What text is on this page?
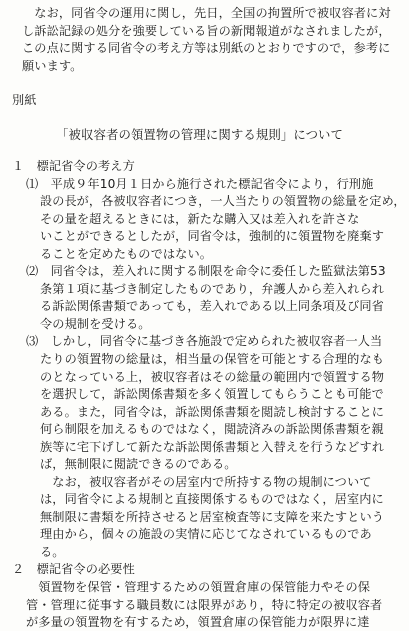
　なお，同省令の運用に関し，先日，全国の拘置所で被収容者に対
し訴訟記録の処分を強要している旨の新聞報道がなされましたが，
この点に関する同省令の考え方等は別紙のとおりですので，参考に
願います。
別紙
「被収容者の領置物の管理に関する規則」について
１　標記省令の考え方
⑴　平成９年10月１日から施行された標記省令により，行刑施
設の長が，各被収容者につき，一人当たりの領置物の総量を定め，
その量を超えるときには，新たな購入又は差入れを許さな
いことができるとしたが，同省令は，強制的に領置物を廃棄す
ることを定めたものではない。
⑵　同省令は，差入れに関する制限を命令に委任した監獄法第53
条第１項に基づき制定したものであり，弁護人から差入れられ
る訴訟関係書類であっても，差入れである以上同条項及び同省
令の規制を受ける。
⑶　しかし，同省令に基づき各施設で定められた被収容者一人当
たりの領置物の総量は，相当量の保管を可能とする合理的なも
のとなっている上，被収容者はその総量の範囲内で領置する物
を選択して，訴訟関係書類を多く領置してもらうことも可能で
ある。また，同省令は，訴訟関係書類を閲読し検討することに
何ら制限を加えるものではなく，閲読済みの訴訟関係書類を親
族等に宅下げして新たな訴訟関係書類と入替えを行うなどすれ
ば，無制限に閲読できるのである。
　なお，被収容者がその居室内で所持する物の規制について
は，同省令による規制と直接関係するものではなく，居室内に
無制限に書類を所持させると居室検査等に支障を来たすという
理由から，個々の施設の実情に応じてなされているものであ
る。
２　標記省令の必要性
　領置物を保管・管理するための領置倉庫の保管能力やその保
管・管理に従事する職員数には限界があり，特に特定の被収容者
が多量の領置物を有するため，領置倉庫の保管能力が限界に達
